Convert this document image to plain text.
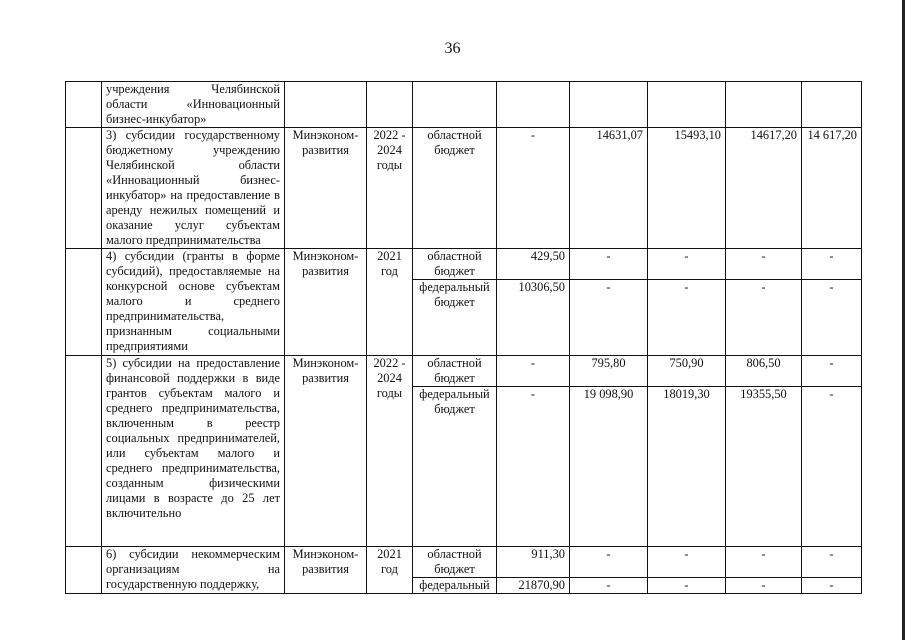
36
	учреждения Челябинской области «Инновационный бизнес-инкубатор»								
	3) субсидии государственному бюджетному учреждению Челябинской области «Инновационный бизнес-инкубатор» на предоставление в аренду нежилых помещений и оказание услуг субъектам малого предпринимательства	Минэконом-развития	2022 - 2024 годы	областной бюджет	-	14631,07	15493,10	14617,20	14 617,20
	4) субсидии (гранты в форме субсидий), предоставляемые на конкурсной основе субъектам малого и среднего предпринимательства, признанным социальными предприятиями	Минэконом-развития	2021 год	областной бюджет	429,50	-	-	-	-
				федеральный бюджет	10306,50	-	-	-	-
	5) субсидии на предоставление финансовой поддержки в виде грантов субъектам малого и среднего предпринимательства, включенным в реестр социальных предпринимателей, или субъектам малого и среднего предпринимательства, созданным физическими лицами в возрасте до 25 лет включительно	Минэконом-развития	2022 - 2024 годы	областной бюджет	-	795,80	750,90	806,50	-
				федеральный бюджет	-	19 098,90	18019,30	19355,50	-
	6) субсидии некоммерческим организациям на государственную поддержку,	Минэконом-развития	2021 год	областной бюджет	911,30	-	-	-	-
				федеральный	21870,90	-	-	-	-
